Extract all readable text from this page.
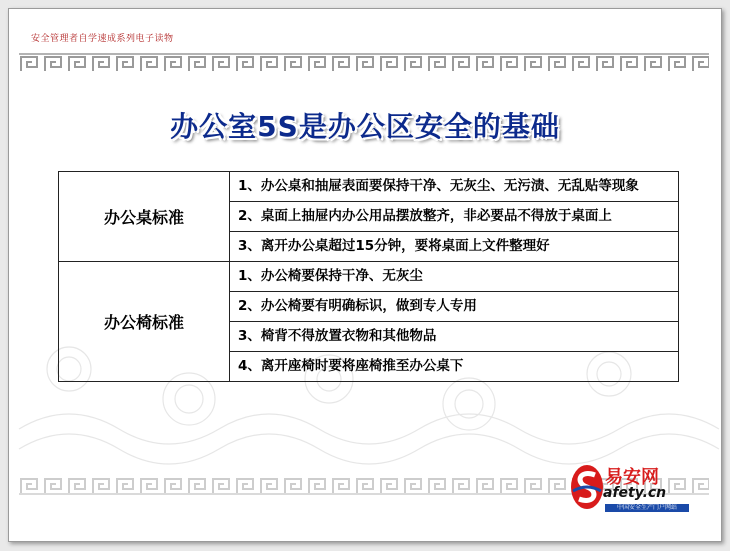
安全管理者自学速成系列电子读物
办公室5S是办公区安全的基础
易安网
afety.cn
中国安全生产门户网站
办公桌标准	1、办公桌和抽屉表面要保持干净、无灰尘、无污渍、无乱贴等现象
	2、桌面上抽屉内办公用品摆放整齐，非必要品不得放于桌面上
	3、离开办公桌超过15分钟，要将桌面上文件整理好
办公椅标准	1、办公椅要保持干净、无灰尘
	2、办公椅要有明确标识，做到专人专用
	3、椅背不得放置衣物和其他物品
	4、离开座椅时要将座椅推至办公桌下
